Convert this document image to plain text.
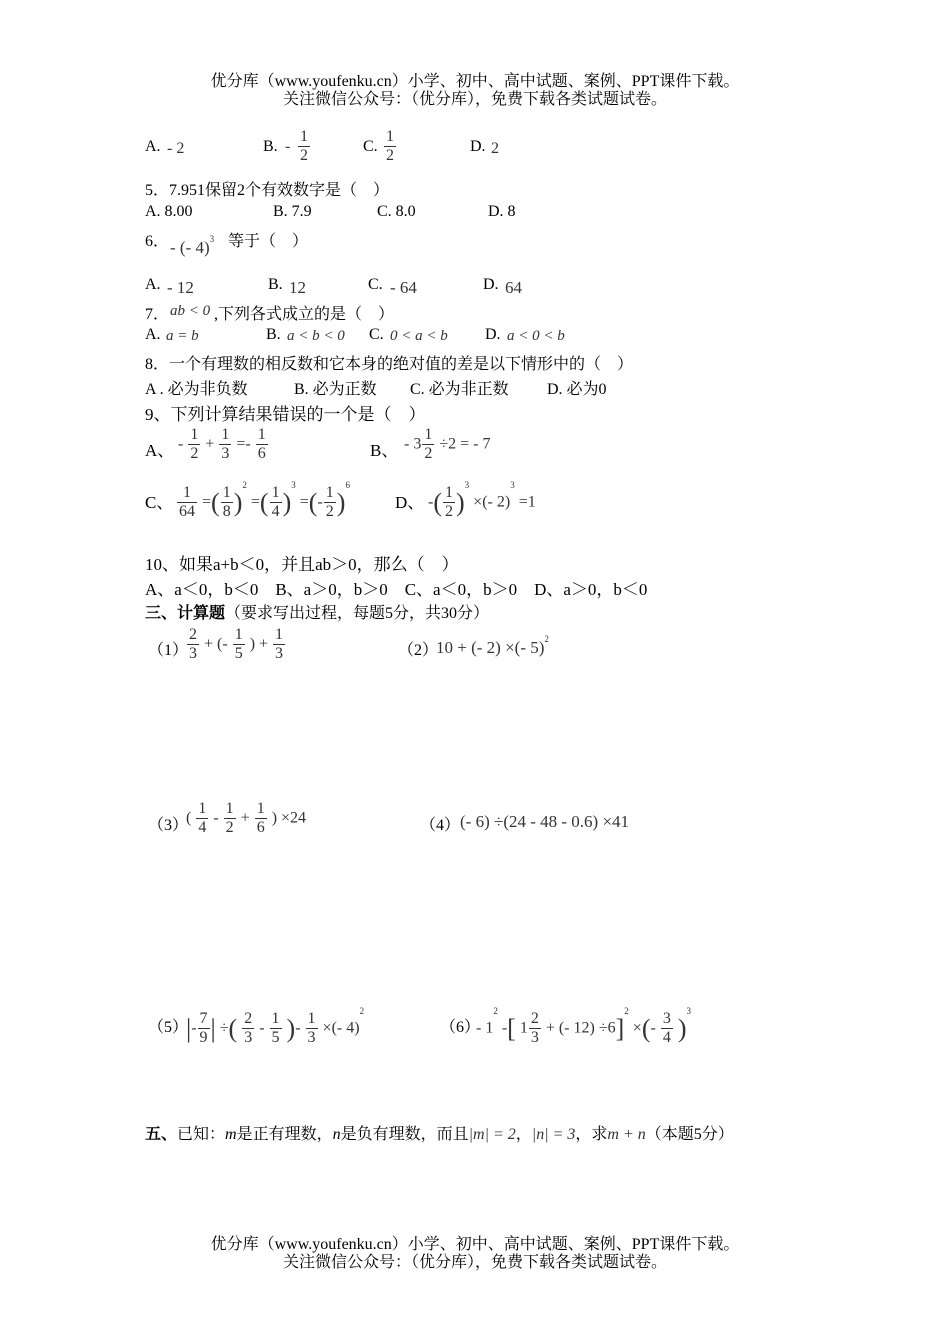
优分库（www.youfenku.cn）小学、初中、高中试题、案例、PPT课件下载。
关注微信公众号：（优分库），免费下载各类试题试卷。
A. - 2	B. - $\frac{1}{2}$	C. $\frac{1}{2}$	D. 2
5．7.951保留2个有效数字是（　）
A. 8.00	B. 7.9	C. 8.0	D. 8
6． - (- 4)$^3$ 等于（　）
A. - 12	B. 12	C. - 64	D. 64
7． ab < 0 ,下列各式成立的是（　）
A. a = b	B. a < b < 0 C. 0 < a < b D. a < 0 < b
8．一个有理数的相反数和它本身的绝对值的差是以下情形中的（　）
A . 必为非负数	B. 必为正数 C. 必为非正数 D. 必为0
9、下列计算结果错误的一个是（　）
A、 - $\frac{1}{2} + \frac{1}{3} =- \frac{1}{6}$	B、 - $3 \frac{1}{2} \div 2$ = - 7
C、 $\frac{1}{64}$ =( $\frac{1}{8} )^2$ =( $\frac{1}{4} )^3$ =(- $\frac{1}{2} )^6$
D、 -( $\frac{1}{2} )^3$ ×(- 2)$^3$ =1
10、如果a+b＜0，并且ab＞0，那么（　）
A、a＜0，b＜0　B、a＞0，b＞0　C、a＜0，b＞0　D、a＞0，b＜0
三、计算题（要求写出过程，每题5分，共30分）
（1）
$\frac{2}{3}$ + (- $\frac{1}{5}$ ) + $\frac{1}{3}$	（2）
10 + (- 2) ×(- 5)$^2$
（3）
( $\frac{1}{4} - \frac{1}{2} + \frac{1}{6}$ ) ×24	（4） (- 6) ÷(24 - 48 - 0.6) ×41
（5）
|- $\frac{7}{9}$ | ÷( $\frac{2}{3} - \frac{1}{5}$ )- $\frac{1}{3}$ ×(- 4)$^2$
（6）
- $1^2$ -[ $1 \frac{2}{3}$ + (- 12) ÷6]$^2$ ×(- $\frac{3}{4} )^3$
五、已知：m是正有理数，n是负有理数，而且|m| = 2，|n| = 3，求m + n（本题5分）
优分库（www.youfenku.cn）小学、初中、高中试题、案例、PPT课件下载。
关注微信公众号：（优分库），免费下载各类试题试卷。
